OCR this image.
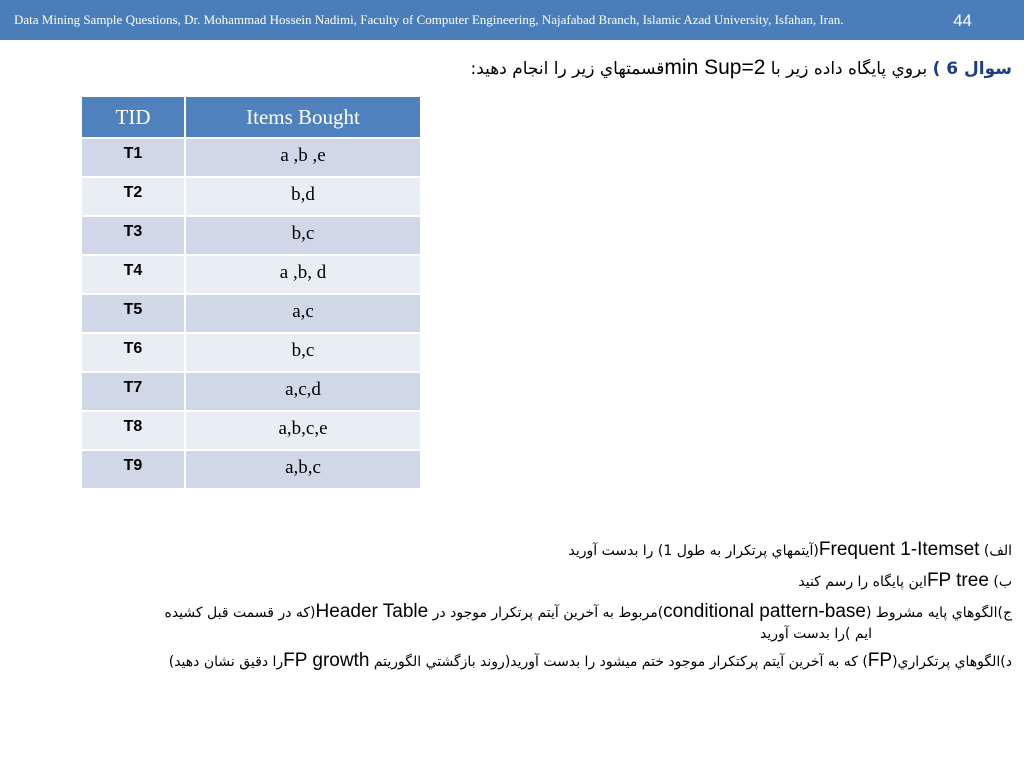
Data Mining Sample Questions, Dr. Mohammad Hossein Nadimi, Faculty of Computer Engineering, Najafabad Branch, Islamic Azad University, Isfahan, Iran.	44
سوال 6 ) بروي پايگاه داده زير با min Sup=2قسمتهاي زير را انجام دهيد:
TID	Items Bought
T1	a ,b ,e
T2	b,d
T3	b,c
T4	a ,b, d
T5	a,c
T6	b,c
T7	a,c,d
T8	a,b,c,e
T9	a,b,c

الف) Frequent 1-Itemset(آيتمهاي پرتكرار به طول 1) را بدست آوريد

ب) FP treeاين پايگاه را رسم كنيد

ج)الگوهاي پايه مشروط (conditional pattern-base)مربوط به آخرين آيتم پرتكرار موجود در Header Table(كه در قسمت قبل كشيده

ايم )را بدست آوريد

د)الگوهاي پرتكراري(FP) كه به آخرين آيتم پركتكرار موجود ختم ميشود را بدست آوريد(روند بازگشتي الگوريتم FP growthرا دقيق نشان دهيد)
